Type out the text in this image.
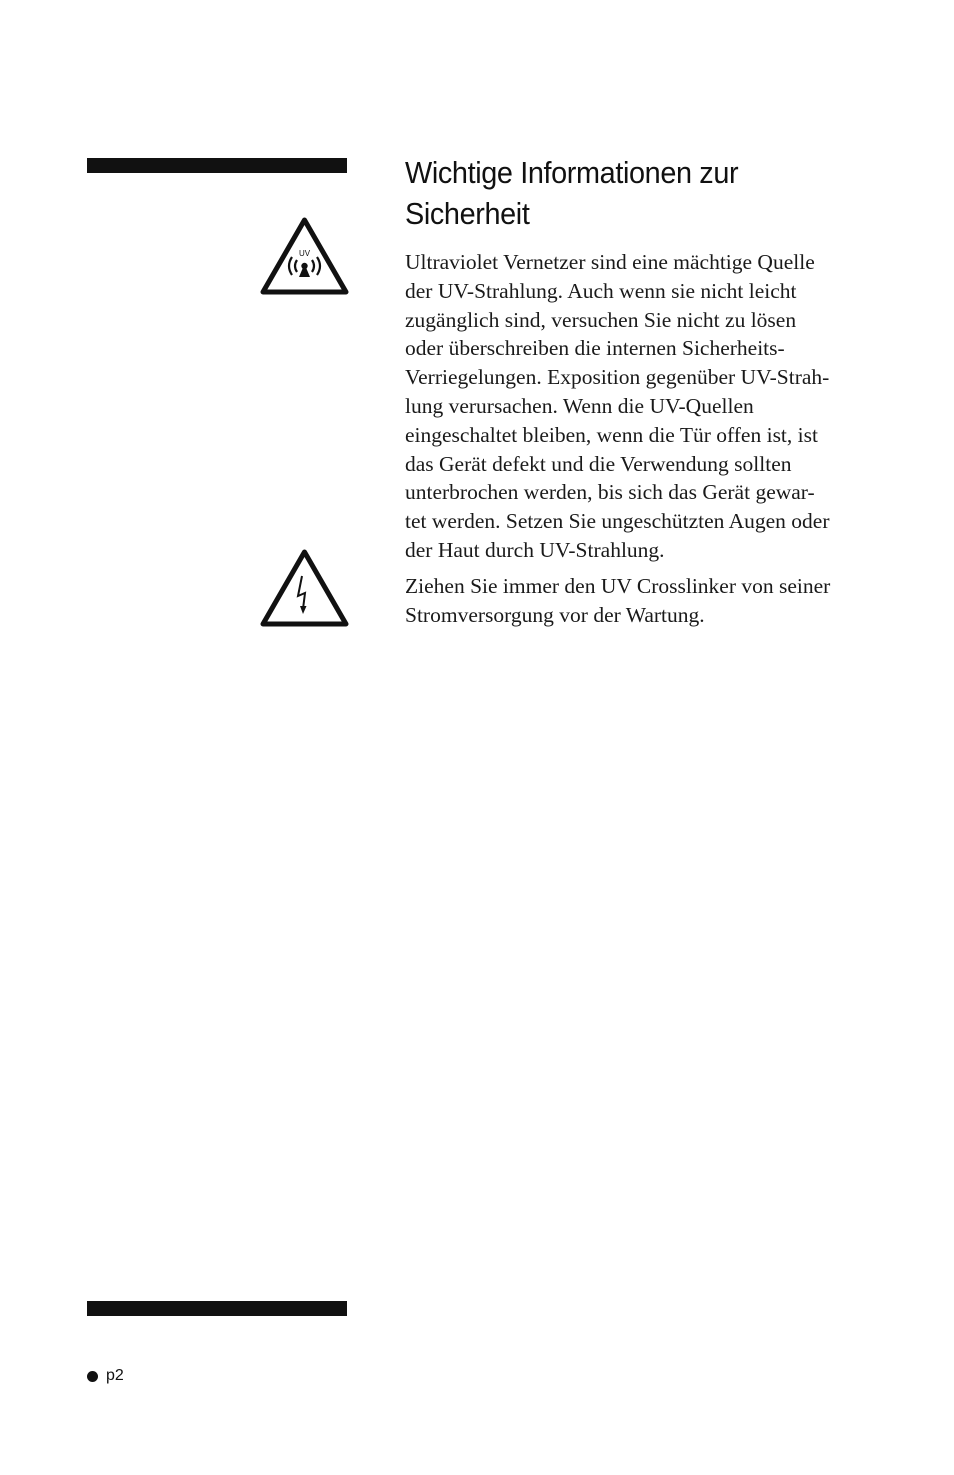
UV
Wichtige Informationen zur
Sicherheit

Ultraviolet Vernetzer sind eine mächtige Quelle
der UV-Strahlung. Auch wenn sie nicht leicht
zugänglich sind, versuchen Sie nicht zu lösen
oder überschreiben die internen Sicherheits-
Verriegelungen. Exposition gegenüber UV-Strah-
lung verursachen. Wenn die UV-Quellen
eingeschaltet bleiben, wenn die Tür offen ist, ist
das Gerät defekt und die Verwendung sollten
unterbrochen werden, bis sich das Gerät gewar-
tet werden. Setzen Sie ungeschützten Augen oder
der Haut durch UV-Strahlung.

Ziehen Sie immer den UV Crosslinker von seiner
Stromversorgung vor der Wartung.

p2
